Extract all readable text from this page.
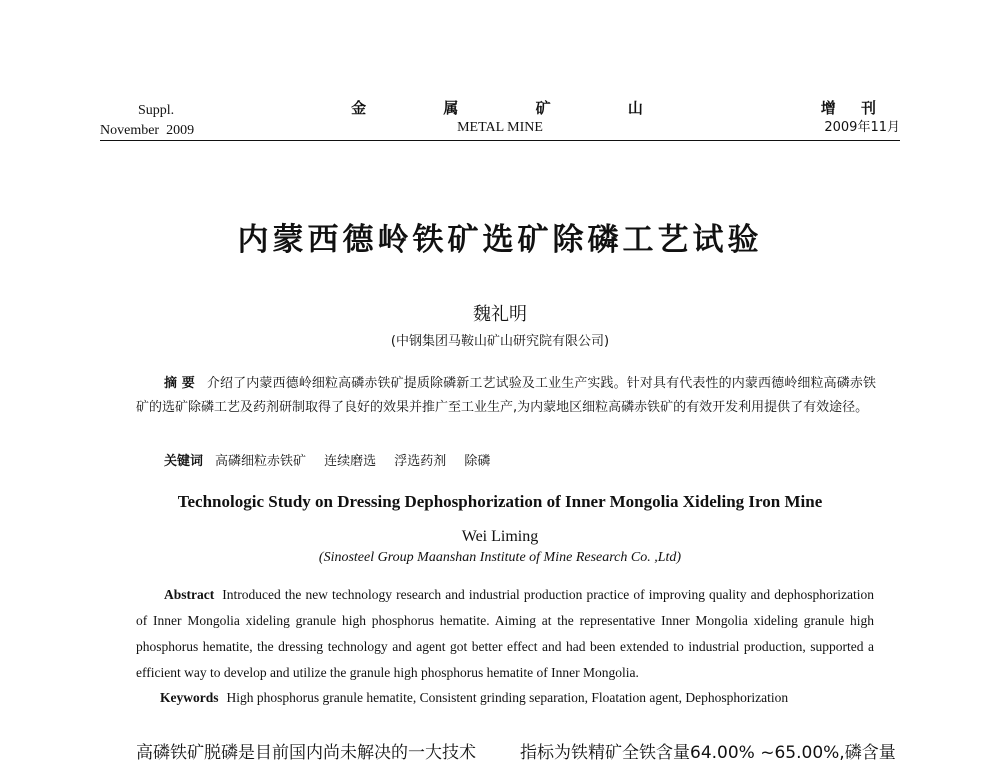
Suppl.
November  2009
金 属 矿 山
METAL MINE
增 刊
2009年11月
内蒙西德岭铁矿选矿除磷工艺试验
魏礼明
(中钢集团马鞍山矿山研究院有限公司)
摘 要 介绍了内蒙西德岭细粒高磷赤铁矿提质除磷新工艺试验及工业生产实践。针对具有代表性的内蒙西德岭细粒高磷赤铁矿的选矿除磷工艺及药剂研制取得了良好的效果并推广至工业生产,为内蒙地区细粒高磷赤铁矿的有效开发利用提供了有效途径。
关键词 高磷细粒赤铁矿 连续磨选 浮选药剂 除磷
Technologic Study on Dressing Dephosphorization of Inner Mongolia Xideling Iron Mine
Wei Liming
(Sinosteel Group Maanshan Institute of Mine Research Co. ,Ltd)
Abstract Introduced the new technology research and industrial production practice of improving quality and dephosphorization of Inner Mongolia xideling granule high phosphorus hematite. Aiming at the representative Inner Mongolia xideling granule high phosphorus hematite, the dressing technology and agent got better effect and had been extended to industrial production, supported a efficient way to develop and utilize the granule high phosphorus hematite of Inner Mongolia.
Keywords High phosphorus granule hematite, Consistent grinding separation, Floatation agent, Dephosphorization
高磷铁矿脱磷是目前国内尚未解决的一大技术	指标为铁精矿全铁含量64.00% ~65.00%,磷含量
